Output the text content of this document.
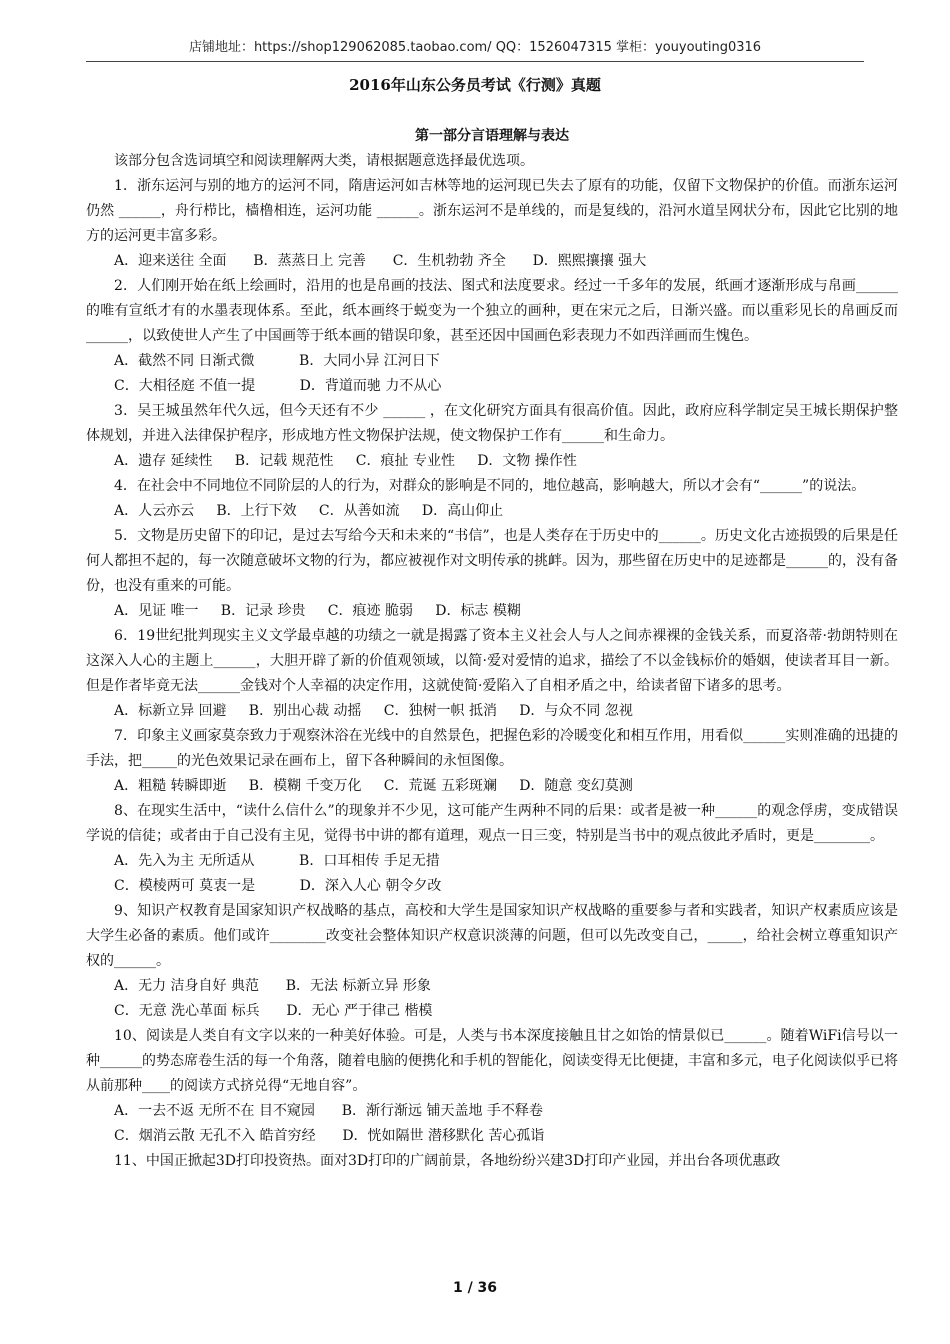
店铺地址：https://shop129062085.taobao.com/ QQ：1526047315 掌柜：youyouting0316
2016年山东公务员考试《行测》真题

第一部分言语理解与表达

该部分包含选词填空和阅读理解两大类，请根据题意选择最优选项。

1．浙东运河与别的地方的运河不同，隋唐运河如吉林等地的运河现已失去了原有的功能，仅留下文物保护的价值。而浙东运河仍然 ______，舟行栉比，樯橹相连，运河功能 ______。浙东运河不是单线的，而是复线的，沿河水道呈网状分布，因此它比别的地方的运河更丰富多彩。

A．迎来送往 全面      B．蒸蒸日上 完善      C．生机勃勃 齐全      D．熙熙攘攘 强大

2．人们刚开始在纸上绘画时，沿用的也是帛画的技法、图式和法度要求。经过一千多年的发展，纸画才逐渐形成与帛画______的唯有宣纸才有的水墨表现体系。至此，纸本画终于蜕变为一个独立的画种，更在宋元之后，日渐兴盛。而以重彩见长的帛画反而______，以致使世人产生了中国画等于纸本画的错误印象，甚至还因中国画色彩表现力不如西洋画而生愧色。

A．截然不同 日渐式微          B．大同小异 江河日下

C．大相径庭 不值一提          D．背道而驰 力不从心

3．吴王城虽然年代久远，但今天还有不少 ______ ，在文化研究方面具有很高价值。因此，政府应科学制定吴王城长期保护整体规划，并进入法律保护程序，形成地方性文物保护法规，使文物保护工作有______和生命力。

A．遗存 延续性     B．记载 规范性     C．痕扯 专业性     D．文物 操作性

4．在社会中不同地位不同阶层的人的行为，对群众的影响是不同的，地位越高，影响越大，所以才会有“______”的说法。

A．人云亦云     B．上行下效     C．从善如流     D．高山仰止

5．文物是历史留下的印记，是过去写给今天和未来的“书信”，也是人类存在于历史中的______。历史文化古迹损毁的后果是任何人都担不起的，每一次随意破坏文物的行为，都应被视作对文明传承的挑衅。因为，那些留在历史中的足迹都是______的，没有备份，也没有重来的可能。

A．见证 唯一     B．记录 珍贵     C．痕迹 脆弱     D．标志 模糊

6．19世纪批判现实主义文学最卓越的功绩之一就是揭露了资本主义社会人与人之间赤裸裸的金钱关系，而夏洛蒂·勃朗特则在这深入人心的主题上______，大胆开辟了新的价值观领域，以简·爱对爱情的追求，描绘了不以金钱标价的婚姻，使读者耳目一新。但是作者毕竟无法______金钱对个人幸福的决定作用，这就使简·爱陷入了自相矛盾之中，给读者留下诸多的思考。

A．标新立异 回避     B．别出心裁 动摇     C．独树一帜 抵消     D．与众不同 忽视

7．印象主义画家莫奈致力于观察沐浴在光线中的自然景色，把握色彩的冷暖变化和相互作用，用看似______实则准确的迅捷的手法，把_____的光色效果记录在画布上，留下各种瞬间的永恒图像。

A．粗糙 转瞬即逝     B．模糊 千变万化     C．荒诞 五彩斑斓     D．随意 变幻莫测

8、在现实生活中，“读什么信什么”的现象并不少见，这可能产生两种不同的后果：或者是被一种______的观念俘虏，变成错误学说的信徒；或者由于自己没有主见，觉得书中讲的都有道理，观点一日三变，特别是当书中的观点彼此矛盾时，更是________。

A．先入为主 无所适从          B．口耳相传 手足无措

C．模棱两可 莫衷一是          D．深入人心 朝令夕改

9、知识产权教育是国家知识产权战略的基点，高校和大学生是国家知识产权战略的重要参与者和实践者，知识产权素质应该是大学生必备的素质。他们或许________改变社会整体知识产权意识淡薄的问题，但可以先改变自己，_____，给社会树立尊重知识产权的______。

A．无力 洁身自好 典范      B．无法 标新立异 形象

C．无意 洗心革面 标兵      D．无心 严于律己 楷模

10、阅读是人类自有文字以来的一种美好体验。可是，人类与书本深度接触且甘之如饴的情景似已______。随着WiFi信号以一种______的势态席卷生活的每一个角落，随着电脑的便携化和手机的智能化，阅读变得无比便捷，丰富和多元，电子化阅读似乎已将从前那种____的阅读方式挤兑得“无地自容”。

A．一去不返 无所不在 目不窥园      B．渐行渐远 铺天盖地 手不释卷

C．烟消云散 无孔不入 皓首穷经      D．恍如隔世 潜移默化 苦心孤诣

11、中国正掀起3D打印投资热。面对3D打印的广阔前景，各地纷纷兴建3D打印产业园，并出台各项优惠政

1 / 36
